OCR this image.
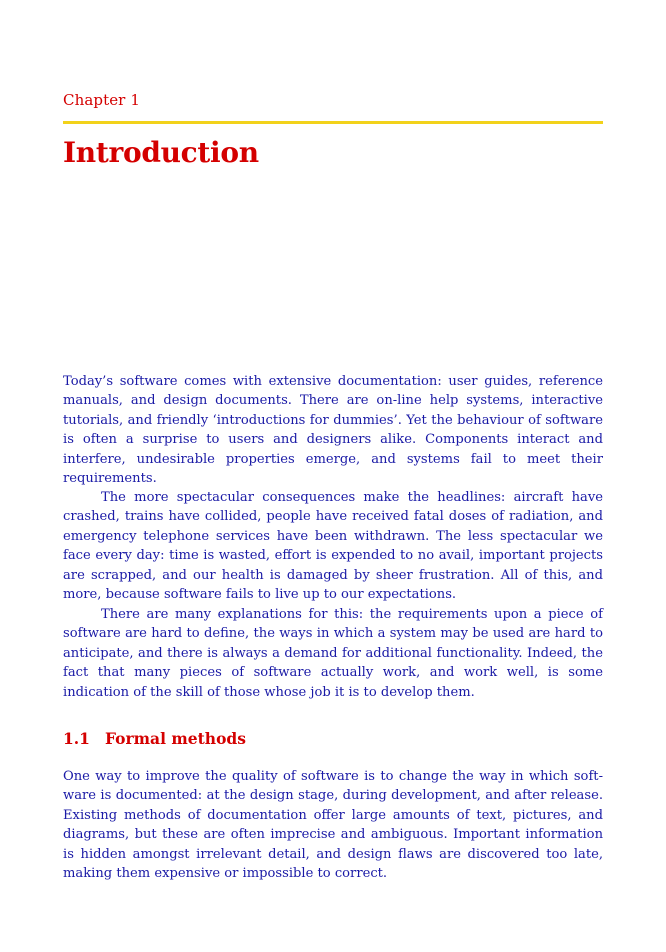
Chapter 1
Introduction

Today’s software comes with extensive documentation: user guides, reference manuals, and design documents. There are on-line help systems, interactive tutorials, and friendly ‘introductions for dummies’. Yet the behaviour of software is often a surprise to users and designers alike. Components interact and interfere, undesirable properties emerge, and systems fail to meet their requirements.

The more spectacular consequences make the headlines: aircraft have crashed, trains have collided, people have received fatal doses of radiation, and emergency telephone services have been withdrawn. The less spectacular we face every day: time is wasted, effort is expended to no avail, important projects are scrapped, and our health is damaged by sheer frustration. All of this, and more, because software fails to live up to our expectations.

There are many explanations for this: the requirements upon a piece of software are hard to define, the ways in which a system may be used are hard to anticipate, and there is always a demand for additional functionality. Indeed, the fact that many pieces of software actually work, and work well, is some indication of the skill of those whose job it is to develop them.

1.1 Formal methods

One way to improve the quality of software is to change the way in which software is documented: at the design stage, during development, and after release. Existing methods of documentation offer large amounts of text, pictures, and diagrams, but these are often imprecise and ambiguous. Important information is hidden amongst irrelevant detail, and design flaws are discovered too late, making them expensive or impossible to correct.
